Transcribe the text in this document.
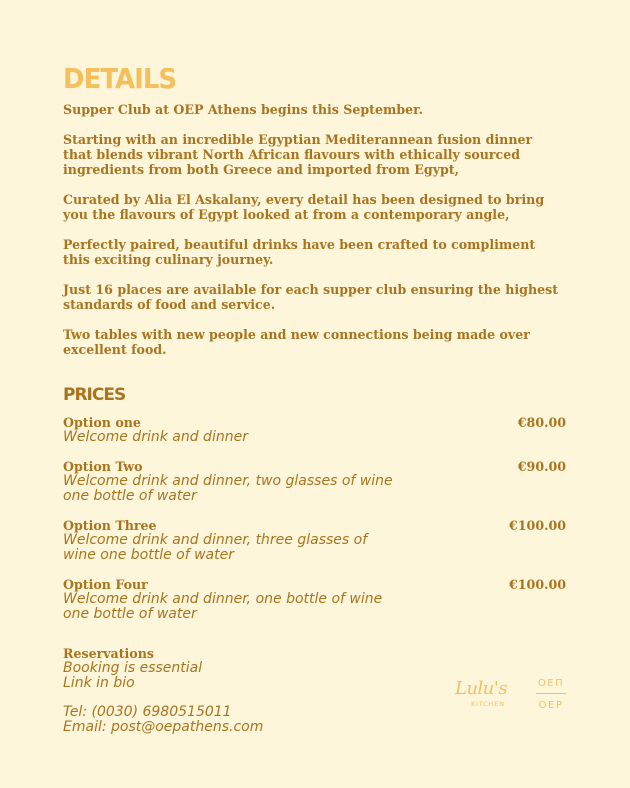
DETAILS

Supper Club at OEP Athens begins this September.

Starting with an incredible Egyptian Mediterannean fusion dinner that blends vibrant North African flavours with ethically sourced ingredients from both Greece and imported from Egypt,

Curated by Alia El Askalany, every detail has been designed to bring you the flavours of Egypt looked at from a contemporary angle,

Perfectly paired, beautiful drinks have been crafted to compliment this exciting culinary journey.

Just 16 places are available for each supper club ensuring the highest standards of food and service.

Two tables with new people and new connections being made over excellent food.

PRICES
Option one
Welcome drink and dinner
€80.00
Option Two
Welcome drink and dinner, two glasses of wine one bottle of water
€90.00
Option Three
Welcome drink and dinner, three glasses of wine one bottle of water
€100.00
Option Four
Welcome drink and dinner, one bottle of wine one bottle of water
€100.00
Reservations
Booking is essential
Link in bio
Tel: (0030) 6980515011
Email: post@oepathens.com
Lulu's
KITCHEN
OEΠ
OEP
